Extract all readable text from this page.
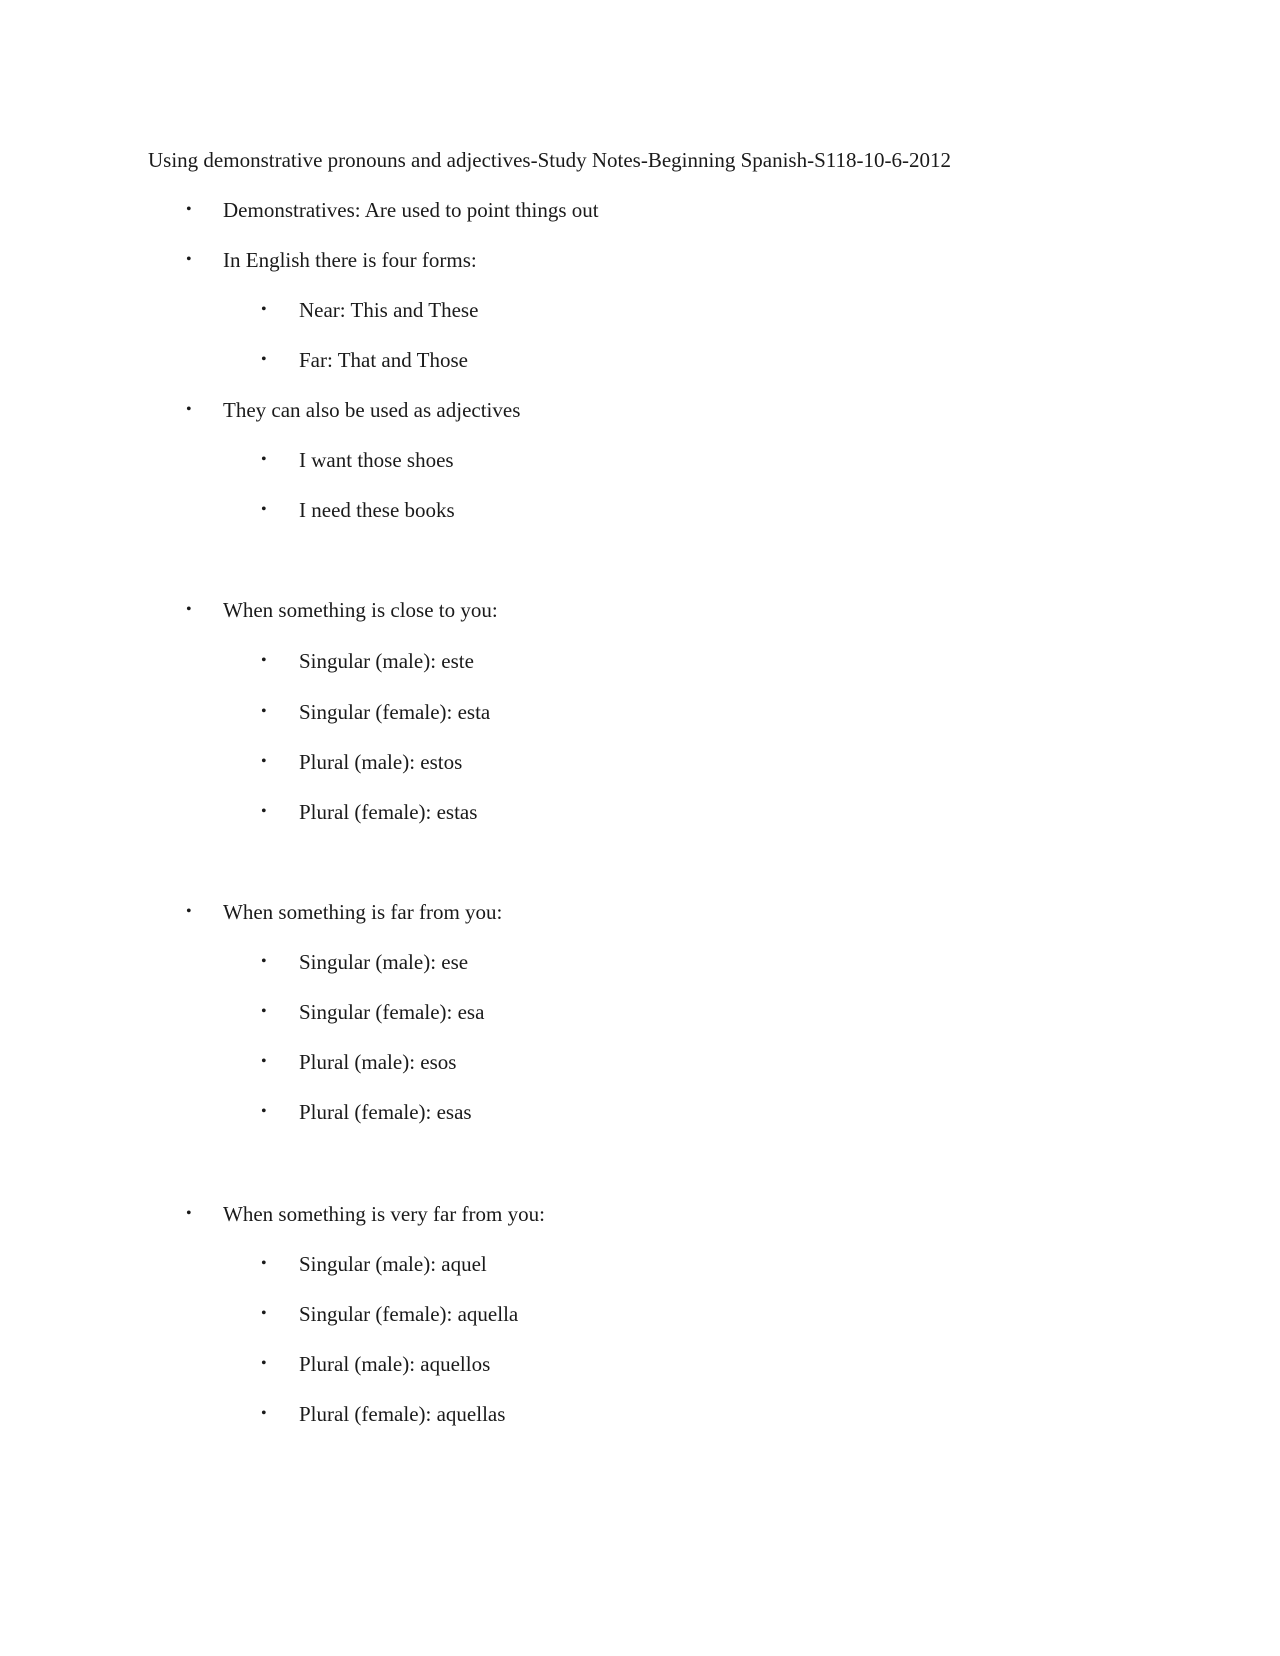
Using demonstrative pronouns and adjectives-Study Notes-Beginning Spanish-S118-10-6-2012
• Demonstratives: Are used to point things out
• In English there is four forms:
• Near: This and These
• Far: That and Those
• They can also be used as adjectives
• I want those shoes
• I need these books
• When something is close to you:
• Singular (male): este
• Singular (female): esta
• Plural (male): estos
• Plural (female): estas
• When something is far from you:
• Singular (male): ese
• Singular (female): esa
• Plural (male): esos
• Plural (female): esas
• When something is very far from you:
• Singular (male): aquel
• Singular (female): aquella
• Plural (male): aquellos
• Plural (female): aquellas
